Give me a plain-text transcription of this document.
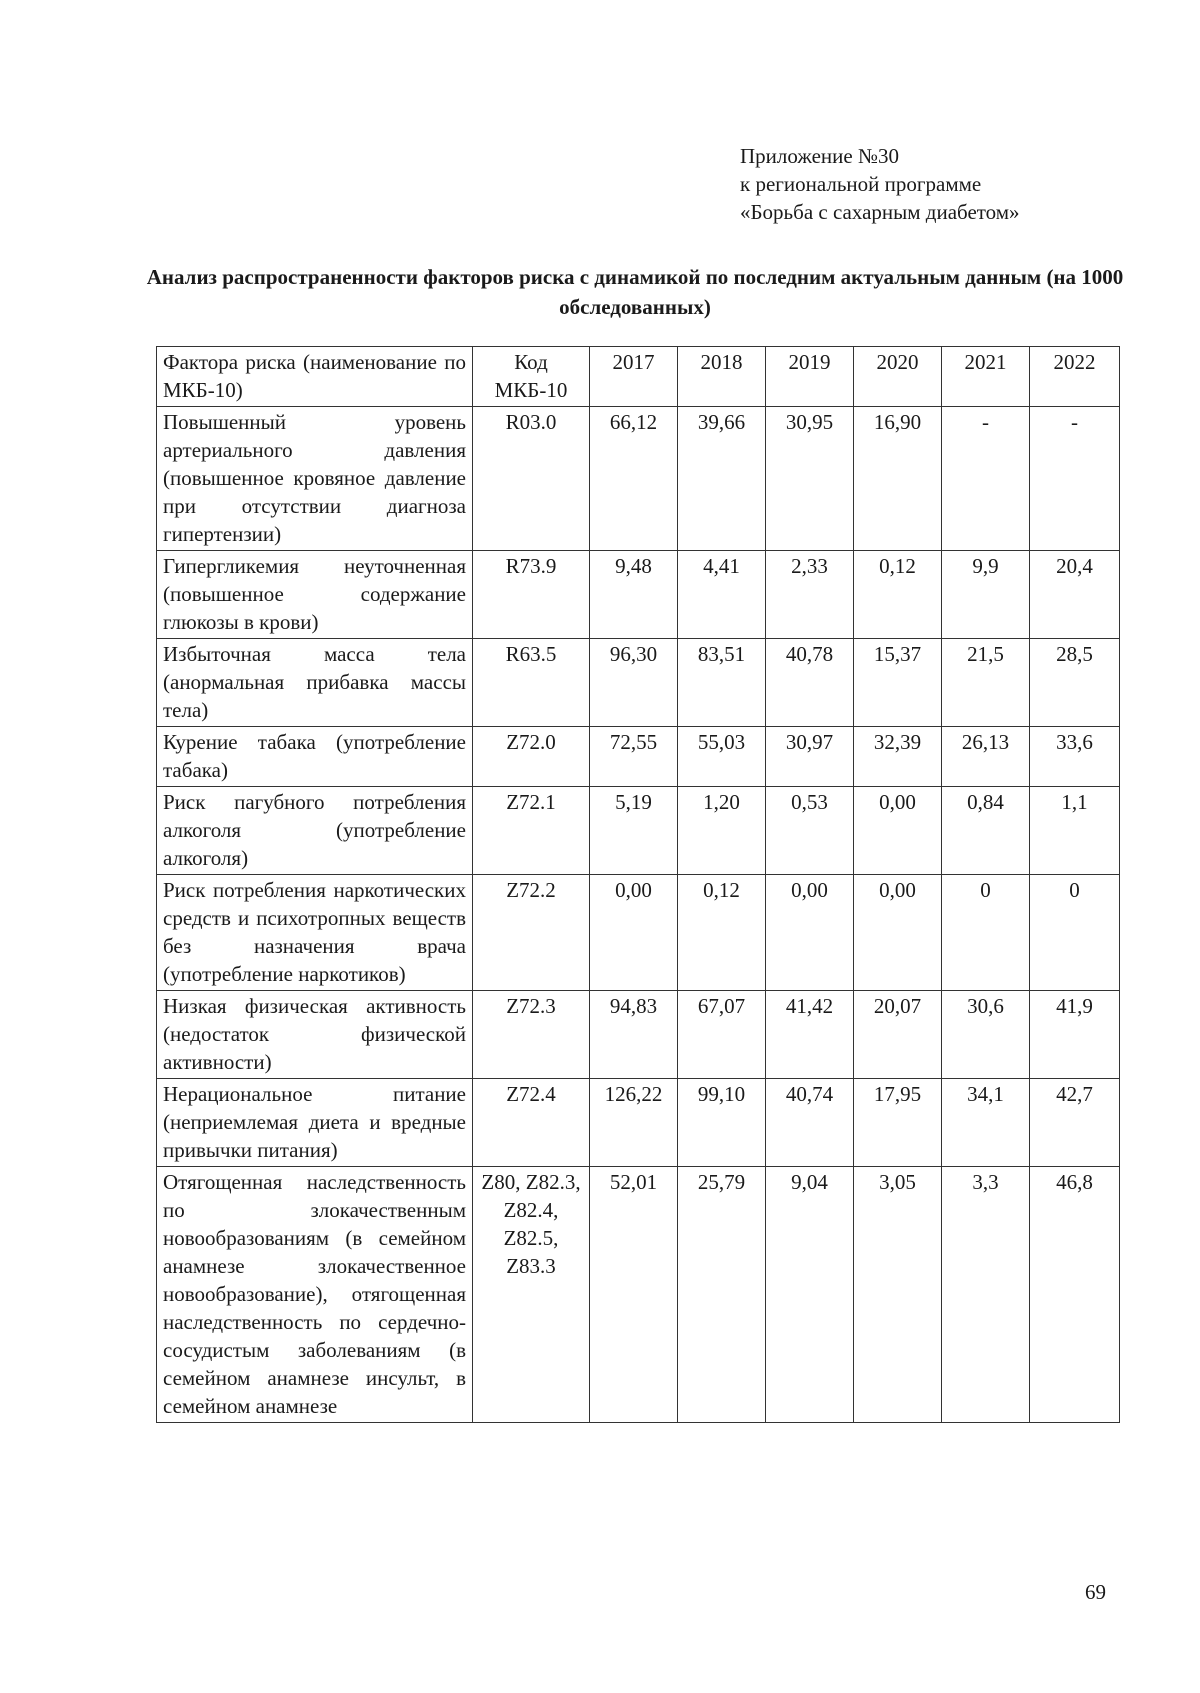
Приложение №30
к региональной программе
«Борьба с сахарным диабетом»
Анализ распространенности факторов риска с динамикой по последним актуальным данным (на 1000 обследованных)
Фактора риска (наименование по МКБ-10)	Код МКБ-10	2017	2018	2019	2020	2021	2022
Повышенный уровень артериального давления (повышенное кровяное давление при отсутствии диагноза гипертензии)	R03.0	66,12	39,66	30,95	16,90	-	-
Гипергликемия неуточненная (повышенное содержание глюкозы в крови)	R73.9	9,48	4,41	2,33	0,12	9,9	20,4
Избыточная масса тела (анормальная прибавка массы тела)	R63.5	96,30	83,51	40,78	15,37	21,5	28,5
Курение табака (употребление табака)	Z72.0	72,55	55,03	30,97	32,39	26,13	33,6
Риск пагубного потребления алкоголя (употребление алкоголя)	Z72.1	5,19	1,20	0,53	0,00	0,84	1,1
Риск потребления наркотических средств и психотропных веществ без назначения врача (употребление наркотиков)	Z72.2	0,00	0,12	0,00	0,00	0	0
Низкая физическая активность (недостаток физической активности)	Z72.3	94,83	67,07	41,42	20,07	30,6	41,9
Нерациональное питание (неприемлемая диета и вредные привычки питания)	Z72.4	126,22	99,10	40,74	17,95	34,1	42,7
Отягощенная наследственность по злокачественным новообразованиям (в семейном анамнезе злокачественное новообразование), отягощенная наследственность по сердечно-сосудистым заболеваниям (в семейном анамнезе инсульт, в семейном анамнезе	Z80, Z82.3, Z82.4, Z82.5, Z83.3	52,01	25,79	9,04	3,05	3,3	46,8
69
